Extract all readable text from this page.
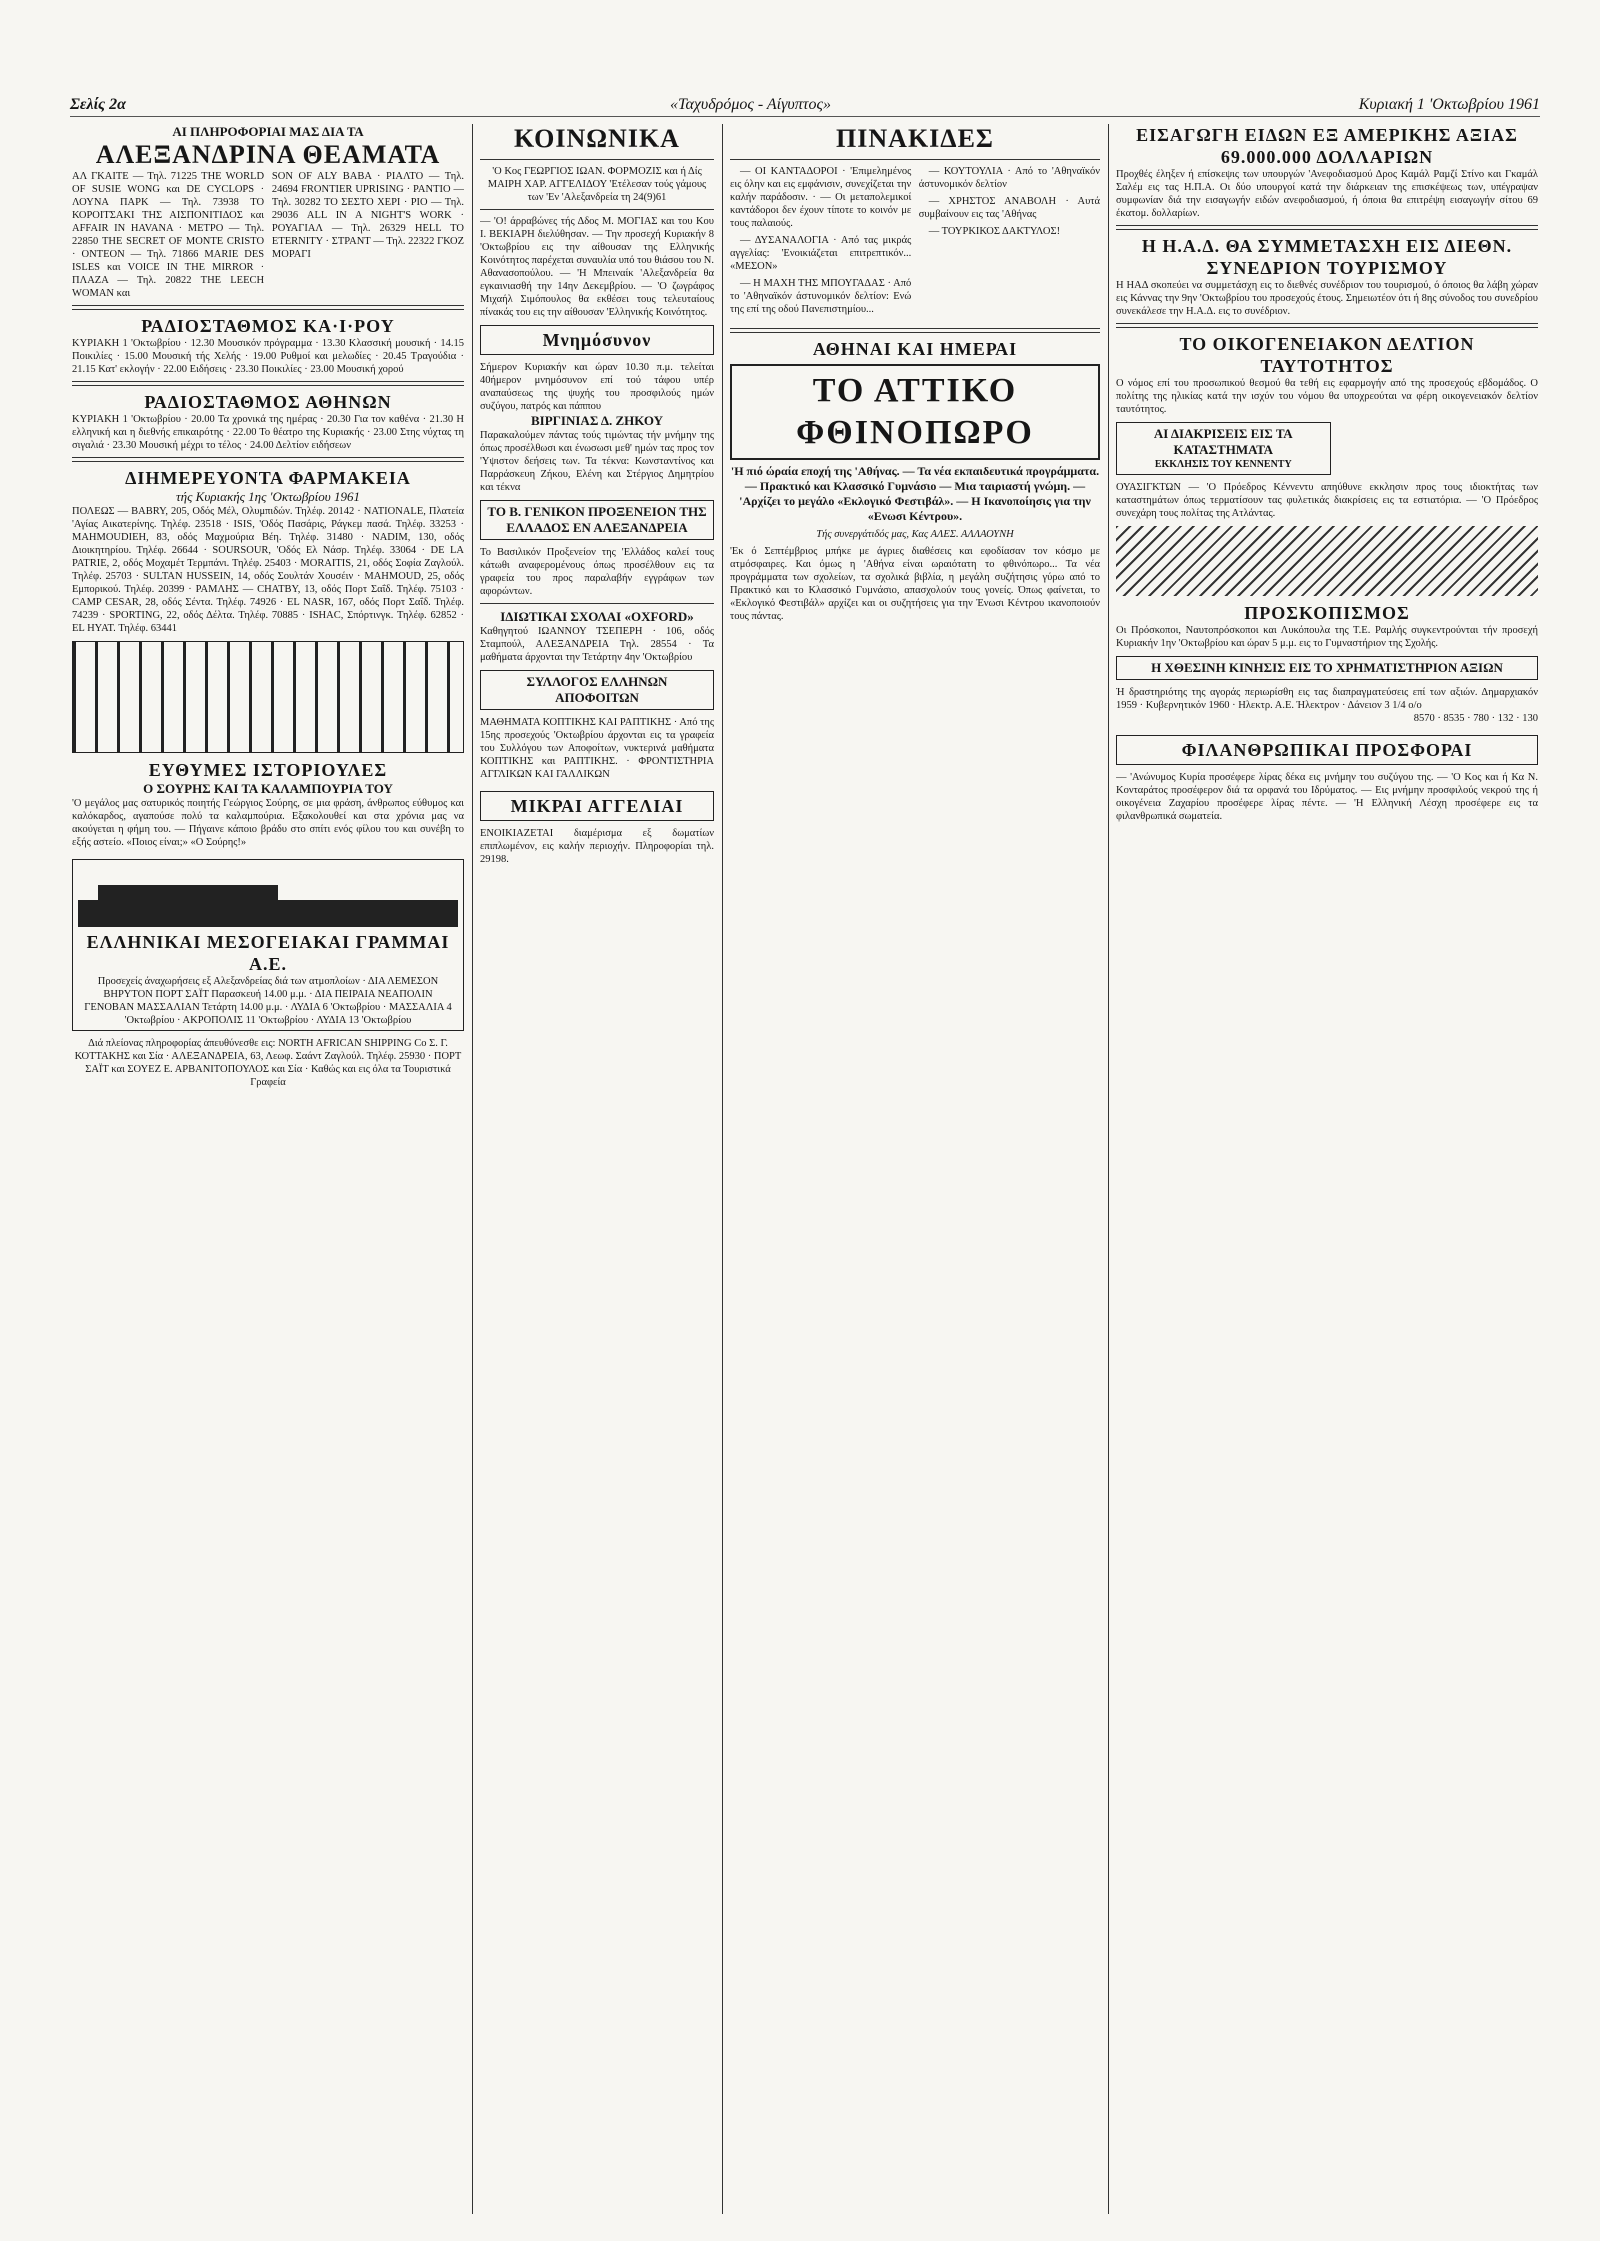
Σελίς 2α	«Ταχυδρόμος - Αίγυπτος»	Κυριακή 1 'Οκτωβρίου 1961
ΑΙ ΠΛΗΡΟΦΟΡΙΑΙ ΜΑΣ ΔΙΑ ΤΑ
ΑΛΕΞΑΝΔΡΙΝΑ ΘΕΑΜΑΤΑ
ΑΛ ΓΚΑΙΤΕ — Τηλ. 71225 THE WORLD OF SUSIE WONG και DE CYCLOPS · ΛΟΥΝΑ ΠΑΡΚ — Τηλ. 73938 ΤΟ ΚΟΡΟΙΤΣΑΚΙ ΤΗΣ ΑΙΣΠΟΝΙΤΙΔΟΣ και AFFAIR IN HAVANA · ΜΕΤΡΟ — Τηλ. 22850 THE SECRET OF MONTE CRISTO · ΟΝΤΕΟΝ — Τηλ. 71866 MARIE DES ISLES και VOICE IN THE MIRROR · ΠΛΑΖΑ — Τηλ. 20822 THE LEECH WOMAN και
SON OF ALY BABA · ΡΙΑΛΤΟ — Τηλ. 24694 FRONTIER UPRISING · ΡΑΝΤΙΟ — Τηλ. 30282 ΤΟ ΣΕΣΤΟ ΧΕΡΙ · ΡΙΟ — Τηλ. 29036 ALL IN A NIGHT'S WORK · ΡΟΥΑΓΙΑΛ — Τηλ. 26329 HELL TO ETERNITY · ΣΤΡΑΝΤ — Τηλ. 22322 ΓΚΟΖ ΜΟΡΑΓΙ
ΡΑΔΙΟΣΤΑΘΜΟΣ ΚΑ·Ι·ΡΟΥ
ΚΥΡΙΑΚΗ 1 'Οκτωβρίου · 12.30 Μουσικόν πρόγραμμα · 13.30 Κλασσική μουσική · 14.15 Ποικιλίες · 15.00 Μουσική τής Χελής · 19.00 Ρυθμοί και μελωδίες · 20.45 Τραγούδια · 21.15 Κατ' εκλογήν · 22.00 Ειδήσεις · 23.30 Ποικιλίες · 23.00 Μουσική χορού
ΡΑΔΙΟΣΤΑΘΜΟΣ ΑΘΗΝΩΝ
ΚΥΡΙΑΚΗ 1 'Οκτωβρίου · 20.00 Τα χρονικά της ημέρας · 20.30 Για τον καθένα · 21.30 Η ελληνική και η διεθνής επικαιρότης · 22.00 Το θέατρο της Κυριακής · 23.00 Στης νύχτας τη σιγαλιά · 23.30 Μουσική μέχρι το τέλος · 24.00 Δελτίον ειδήσεων
ΔΙΗΜΕΡΕΥΟΝΤΑ ΦΑΡΜΑΚΕΙΑ
τής Κυριακής 1ης 'Οκτωβρίου 1961
ΠΟΛΕΩΣ — BABRY, 205, Οδός Μέλ, Ολυμπιδών. Τηλέφ. 20142 · NATIONALE, Πλατεία 'Αγίας Αικατερίνης. Τηλέφ. 23518 · ISIS, 'Οδός Πασάρις, Ράγκεμ πασά. Τηλέφ. 33253 · MAHMOUDIEH, 83, οδός Μαχμούρια Βέη. Τηλέφ. 31480 · NADIM, 130, οδός Διοικητηρίου. Τηλέφ. 26644 · SOURSOUR, 'Οδός Ελ Νάσρ. Τηλέφ. 33064 · DE LA PATRIE, 2, οδός Μοχαμέτ Τερμπάνι. Τηλέφ. 25403 · MORAITIS, 21, οδός Σοφία Ζαγλούλ. Τηλέφ. 25703 · SULTAN HUSSEIN, 14, οδός Σουλτάν Χουσέιν · MAHMOUD, 25, οδός Εμπορικού. Τηλέφ. 20399 · ΡΑΜΛΗΣ — CHATBY, 13, οδός Πορτ Σαΐδ. Τηλέφ. 75103 · CAMP CESAR, 28, οδός Σέντα. Τηλέφ. 74926 · EL NASR, 167, οδός Πορτ Σαΐδ. Τηλέφ. 74239 · SPORTING, 22, οδός Δέλτα. Τηλέφ. 70885 · ISHAC, Σπόρτινγκ. Τηλέφ. 62852 · EL HYAT. Τηλέφ. 63441
ΕΥΘΥΜΕΣ ΙΣΤΟΡΙΟΥΛΕΣ
Ο ΣΟΥΡΗΣ ΚΑΙ ΤΑ ΚΑΛΑΜΠΟΥΡΙΑ ΤΟΥ
'Ο μεγάλος μας σατυρικός ποιητής Γεώργιος Σούρης, σε μια φράση, άνθρωπος εύθυμος και καλόκαρδος, αγαπούσε πολύ τα καλαμπούρια. Εξακολουθεί και στα χρόνια μας να ακούγεται η φήμη του. — Πήγαινε κάποιο βράδυ στο σπίτι ενός φίλου του και συνέβη το εξής αστείο. «Ποιος είναι;» «Ο Σούρης!»
ΕΛΛΗΝΙΚΑΙ ΜΕΣΟΓΕΙΑΚΑΙ ΓΡΑΜΜΑΙ Α.Ε.
Προσεχείς άναχωρήσεις εξ Αλεξανδρείας διά των ατμοπλοίων · ΔΙΑ ΛΕΜΕΣΟΝ ΒΗΡΥΤΟΝ ΠΟΡΤ ΣΑΪΤ Παρασκευή 14.00 μ.μ. · ΔΙΑ ΠΕΙΡΑΙΑ ΝΕΑΠΟΛΙΝ ΓΕΝΟΒΑΝ ΜΑΣΣΑΛΙΑΝ Τετάρτη 14.00 μ.μ. · ΛΥΔΙΑ 6 'Οκτωβρίου · ΜΑΣΣΑΛΙΑ 4 'Οκτωβρίου · ΑΚΡΟΠΟΛΙΣ 11 'Οκτωβρίου · ΛΥΔΙΑ 13 'Οκτωβρίου
Διά πλείονας πληροφορίας άπευθύνεσθε εις: NORTH AFRICAN SHIPPING Co Σ. Γ. ΚΟΤΤΑΚΗΣ και Σία · ΑΛΕΞΑΝΔΡΕΙΑ, 63, Λεωφ. Σαάντ Ζαγλούλ. Τηλέφ. 25930 · ΠΟΡΤ ΣΑΪΤ και ΣΟΥΕΖ Ε. ΑΡΒΑΝΙΤΟΠΟΥΛΟΣ και Σία · Καθώς και εις όλα τα Τουριστικά Γραφεία
ΚΟΙΝΩΝΙΚΑ
'Ο Κος ΓΕΩΡΓΙΟΣ ΙΩΑΝ. ΦΟΡΜΟΖΙΣ και ή Δίς ΜΑΙΡΗ ΧΑΡ. ΑΓΓΕΛΙΔΟΥ 'Ετέλεσαν τούς γάμους των 'Εν 'Αλεξανδρεία τη 24(9)61
— 'Ο! άρραβώνες τής Δδος Μ. ΜΟΓΙΑΣ και του Κου Ι. ΒΕΚΙΑΡΗ διελύθησαν. — Την προσεχή Κυριακήν 8 'Οκτωβρίου εις την αίθουσαν της Ελληνικής Κοινότητος παρέχεται συναυλία υπό του θιάσου του Ν. Αθανασοπούλου. — 'Η Μπειναίκ 'Αλεξανδρεία θα εγκαινιασθή την 14ην Δεκεμβρίου. — 'Ο ζωγράφος Μιχαήλ Σιμόπουλος θα εκθέσει τους τελευταίους πίνακάς του εις την αίθουσαν 'Ελληνικής Κοινότητος.
Μνημόσυνον
Σήμερον Κυριακήν και ώραν 10.30 π.μ. τελείται 40ήμερον μνημόσυνον επί τού τάφου υπέρ αναπαύσεως της ψυχής του προσφιλούς ημών συζύγου, πατρός και πάππου
ΒΙΡΓΙΝΙΑΣ Δ. ΖΗΚΟΥ
Παρακαλούμεν πάντας τούς τιμώντας τήν μνήμην της όπως προσέλθωσι και ένωσωσι μεθ' ημών τας προς τον 'Υψιστον δεήσεις των. Τα τέκνα: Κωνσταντίνος και Παρράσκευη Ζήκου, Ελένη και Στέργιος Δημητρίου και τέκνα
ΤΟ Β. ΓΕΝΙΚΟΝ ΠΡΟΞΕΝΕΙΟΝ ΤΗΣ ΕΛΛΑΔΟΣ ΕΝ ΑΛΕΞΑΝΔΡΕΙΑ
Το Βασιλικόν Προξενείον της 'Ελλάδος καλεί τους κάτωθι αναφερομένους όπως προσέλθουν εις τα γραφεία του προς παραλαβήν εγγράφων των αφορώντων.
ΙΔΙΩΤΙΚΑΙ ΣΧΟΛΑΙ «OXFORD»
Καθηγητού ΙΩΑΝΝΟΥ ΤΣΕΠΕΡΗ · 106, οδός Σταμπούλ, ΑΛΕΞΑΝΔΡΕΙΑ Τηλ. 28554 · Τα μαθήματα άρχονται την Τετάρτην 4ην 'Οκτωβρίου
ΣΥΛΛΟΓΟΣ ΕΛΛΗΝΩΝ ΑΠΟΦΟΙΤΩΝ
ΜΑΘΗΜΑΤΑ ΚΟΠΤΙΚΗΣ ΚΑΙ ΡΑΠΤΙΚΗΣ · Από της 15ης προσεχούς 'Οκτωβρίου άρχονται εις τα γραφεία του Συλλόγου των Αποφοίτων, νυκτερινά μαθήματα ΚΟΠΤΙΚΗΣ και ΡΑΠΤΙΚΗΣ. · ΦΡΟΝΤΙΣΤΗΡΙΑ ΑΓΓΛΙΚΩΝ ΚΑΙ ΓΑΛΛΙΚΩΝ
ΜΙΚΡΑΙ ΑΓΓΕΛΙΑΙ
ΕΝΟΙΚΙΑΖΕΤΑΙ διαμέρισμα εξ δωματίων επιπλωμένον, εις καλήν περιοχήν. Πληροφορίαι τηλ. 29198.
ΠΙΝΑΚΙΔΕΣ

— ΟΙ ΚΑΝΤΑΔΟΡΟΙ · 'Επιμελημένος εις όλην και εις εμφάνισιν, συνεχίζεται την καλήν παράδοσιν. · — Οι μεταπολεμικοί καντάδοροι δεν έχουν τίποτε το κοινόν με τους παλαιούς.

— ΔΥΣΑΝΑΛΟΓΙΑ · Από τας μικράς αγγελίας: 'Ενοικιάζεται επιτρεπτικόν... «ΜΕΣΟΝ»

— Η ΜΑΧΗ ΤΗΣ ΜΠΟΥΓΑΔΑΣ · Από το 'Αθηναϊκόν άστυνομικόν δελτίον: Ενώ της επί της οδού Πανεπιστημίου...

— ΚΟΥΤΟΥΛΙΑ · Από το 'Αθηναϊκόν άστυνομικόν δελτίον

— ΧΡΗΣΤΟΣ ΑΝΑΒΟΛΗ · Αυτά συμβαίνουν εις τας 'Αθήνας

— ΤΟΥΡΚΙΚΟΣ ΔΑΚΤΥΛΟΣ!

ΑΘΗΝΑΙ ΚΑΙ ΗΜΕΡΑΙ
ΤΟ ΑΤΤΙΚΟ ΦΘΙΝΟΠΩΡΟ
'Η πιό ώραία εποχή της 'Αθήνας. — Τα νέα εκπαιδευτικά προγράμματα. — Πρακτικό και Κλασσικό Γυμνάσιο — Μια ταιριαστή γνώμη. — 'Αρχίζει το μεγάλο «Εκλογικό Φεστιβάλ». — Η Ικανοποίησις για την «Ενωσι Κέντρου».
Τής συνεργάτιδός μας, Κας ΑΛΕΣ. ΑΛΛΑΟΥΝΗ
'Εκ ό Σεπτέμβριος μπήκε με άγριες διαθέσεις και εφοδίασαν τον κόσμο με ατμόσφαιρες. Και όμως η 'Αθήνα είναι ωραιότατη το φθινόπωρο... Τα νέα προγράμματα των σχολείων, τα σχολικά βιβλία, η μεγάλη συζήτησις γύρω από το Πρακτικό και το Κλασσικό Γυμνάσιο, απασχολούν τους γονείς. Όπως φαίνεται, το «Εκλογικό Φεστιβάλ» αρχίζει και οι συζητήσεις για την Ένωσι Κέντρου ικανοποιούν τους πάντας.
ΕΙΣΑΓΩΓΗ ΕΙΔΩΝ ΕΞ ΑΜΕΡΙΚΗΣ ΑΞΙΑΣ 69.000.000 ΔΟΛΛΑΡΙΩΝ
Προχθές έληξεν ή επίσκεψις των υπουργών 'Ανεφοδιασμού Δρος Καμάλ Ραμζί Στίνο και Γκαμάλ Σαλέμ εις τας Η.Π.Α. Οι δύο υπουργοί κατά την διάρκειαν της επισκέψεως των, υπέγραψαν συμφωνίαν διά την εισαγωγήν ειδών ανεφοδιασμού, ή όποια θα επιτρέψη εισαγωγήν σίτου 69 έκατομ. δολλαρίων.
Η Η.Α.Δ. ΘΑ ΣΥΜΜΕΤΑΣΧΗ ΕΙΣ ΔΙΕΘΝ. ΣΥΝΕΔΡΙΟΝ ΤΟΥΡΙΣΜΟΥ
Η ΗΑΔ σκοπεύει να συμμετάσχη εις το διεθνές συνέδριον του τουρισμού, ό όποιος θα λάβη χώραν εις Κάννας την 9ην 'Οκτωβρίου του προσεχούς έτους. Σημειωτέον ότι ή 8ης σύνοδος του συνεδρίου συνεκάλεσε την Η.Α.Δ. εις το συνέδριον.
ΤΟ ΟΙΚΟΓΕΝΕΙΑΚΟΝ ΔΕΛΤΙΟΝ ΤΑΥΤΟΤΗΤΟΣ
Ο νόμος επί του προσωπικού θεσμού θα τεθή εις εφαρμογήν από της προσεχούς εβδομάδος. Ο πολίτης της ηλικίας κατά την ισχύν του νόμου θα υποχρεούται να φέρη οικογενειακόν δελτίον ταυτότητος.
ΑΙ ΔΙΑΚΡΙΣΕΙΣ ΕΙΣ ΤΑ ΚΑΤΑΣΤΗΜΑΤΑ
ΕΚΚΛΗΣΙΣ ΤΟΥ ΚΕΝΝΕΝΤΥ
ΟΥΑΣΙΓΚΤΩΝ — 'Ο Πρόεδρος Κέννεντυ απηύθυνε εκκλησιν προς τους ιδιοκτήτας των καταστημάτων όπως τερματίσουν τας φυλετικάς διακρίσεις εις τα εστιατόρια. — 'Ο Πρόεδρος συνεχάρη τους πολίτας της Ατλάντας.
ΠΡΟΣΚΟΠΙΣΜΟΣ
Οι Πρόσκοποι, Ναυτοπρόσκοποι και Λυκόπουλα της Τ.Ε. Ραμλής συγκεντρούνται τήν προσεχή Κυριακήν 1ην 'Οκτωβρίου και ώραν 5 μ.μ. εις το Γυμναστήριον της Σχολής.
Η ΧΘΕΣΙΝΗ ΚΙΝΗΣΙΣ ΕΙΣ ΤΟ ΧΡΗΜΑΤΙΣΤΗΡΙΟΝ ΑΞΙΩΝ
Ή δραστηριότης της αγοράς περιωρίσθη εις τας διαπραγματεύσεις επί των αξιών. Δημαρχιακόν 1959 · Κυβερνητικόν 1960 · Ηλεκτρ. Α.Ε. Ήλεκτρον · Δάνειον 3 1/4 ο/ο
8570 · 8535 · 780 · 132 · 130
ΦΙΛΑΝΘΡΩΠΙΚΑΙ ΠΡΟΣΦΟΡΑΙ
— 'Ανώνυμος Κυρία προσέφερε λίρας δέκα εις μνήμην του συζύγου της. — 'Ο Κος και ή Κα Ν. Κονταράτος προσέφερον διά τα ορφανά του Ιδρύματος. — Εις μνήμην προσφιλούς νεκρού της ή οικογένεια Ζαχαρίου προσέφερε λίρας πέντε. — 'Η Ελληνική Λέσχη προσέφερε εις τα φιλανθρωπικά σωματεία.
